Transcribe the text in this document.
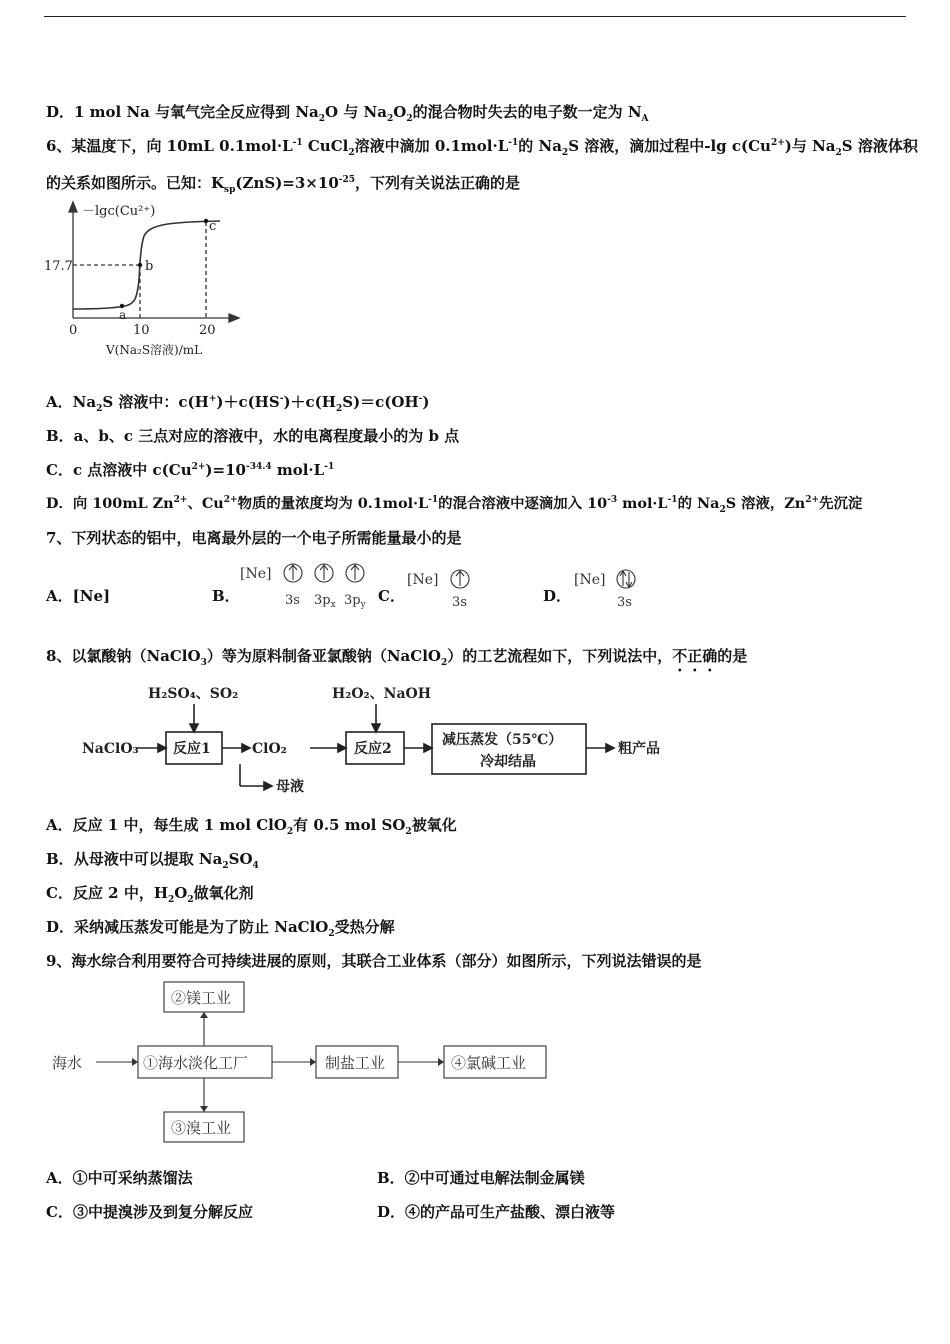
D．1 mol Na 与氧气完全反应得到 $Na_2O$ 与 $Na_2O_2$的混合物时失去的电子数一定为 $N_A$
6、某温度下，向 10mL $0.1mol\cdot L^{-1}$ CuCl$_2$溶液中滴加 $0.1mol\cdot L^{-1}$的 $Na_2S$ 溶液，滴加过程中-lg $c(Cu^{2+})$与 $Na_2S$ 溶液体积
的关系如图所示。已知：$K_{sp}(ZnS)=3\times 10^{-25}$，下列有关说法正确的是
－lgc(Cu²⁺)
17.7
a
b
c
0	10	20
V(Na₂S溶液)/mL
A．$Na_2S$ 溶液中：$c(H^+)+c(HS^-)+c(H_2S)=c(OH^-)$
B．a、b、c 三点对应的溶液中，水的电离程度最小的为 b 点
C．c 点溶液中 $c(Cu^{2+})=10^{-34.4}$ $mol\cdot L^{-1}$
D．向 100mL $Zn^{2+}$、$Cu^{2+}$物质的量浓度均为 $0.1mol\cdot L^{-1}$的混合溶液中逐滴加入 $10^{-3}$ $mol\cdot L^{-1}$的 $Na_2S$ 溶液，$Zn^{2+}$先沉淀
7、下列状态的铝中，电离最外层的一个电子所需能量最小的是
A．[Ne]	B．	C．	D．
[Ne]
3s $3p_x$ $3p_y$
[Ne]
3s
[Ne]
3s
8、以氯酸钠（NaClO$_3$）等为原料制备亚氯酸钠（NaClO$_2$）的工艺流程如下，下列说法中，不正确的是
NaClO₃
H₂SO₄、SO₂
反应1	ClO₂
母液
H₂O₂、NaOH
反应2
减压蒸发（55℃）
冷却结晶
粗产品
A．反应 1 中，每生成 1 mol ClO$_2$有 0.5 mol $SO_2$被氧化
B．从母液中可以提取 $Na_2SO_4$
C．反应 2 中，$H_2O_2$做氧化剂
D．采纳减压蒸发可能是为了防止 NaClO$_2$受热分解
9、海水综合利用要符合可持续进展的原则，其联合工业体系（部分）如图所示，下列说法错误的是
海水
②镁工业
①海水淡化工厂
③溴工业
制盐工业	④氯碱工业
A．①中可采纳蒸馏法	B．②中可通过电解法制金属镁
C．③中提溴涉及到复分解反应	D．④的产品可生产盐酸、漂白液等
